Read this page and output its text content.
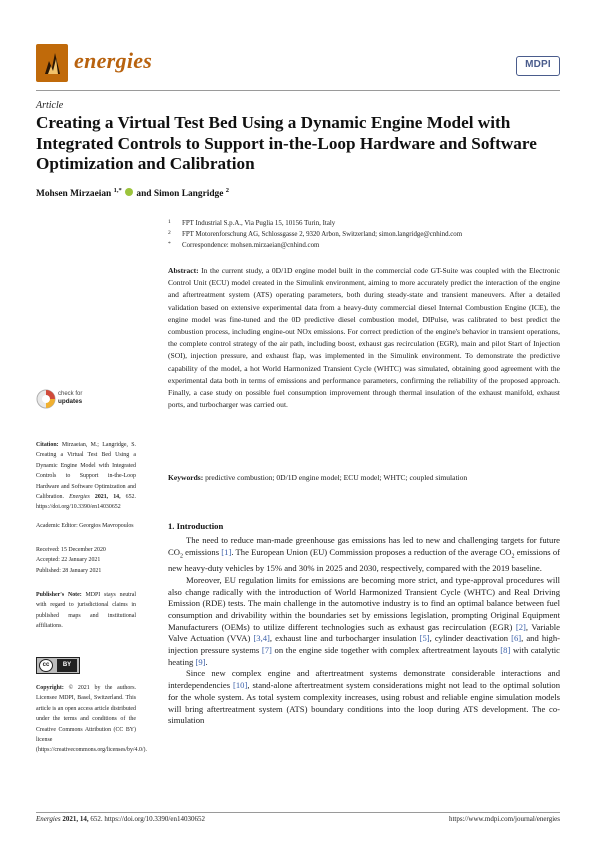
energies	MDPI
Article
Creating a Virtual Test Bed Using a Dynamic Engine Model with Integrated Controls to Support in-the-Loop Hardware and Software Optimization and Calibration
Mohsen Mirzaeian $^{1,*}$ and Simon Langridge $^2$
1 FPT Industrial S.p.A., Via Puglia 15, 10156 Turin, Italy
2 FPT Motorenforschung AG, Schlossgasse 2, 9320 Arbon, Switzerland; simon.langridge@cnhind.com
* Correspondence: mohsen.mirzaeian@cnhind.com
Abstract: In the current study, a 0D/1D engine model built in the commercial code GT-Suite was coupled with the Electronic Control Unit (ECU) model created in the Simulink environment, aiming to more accurately predict the interaction of the engine and aftertreatment system (ATS) operating parameters, both during steady-state and transient maneuvers. After a detailed validation based on extensive experimental data from a heavy-duty commercial diesel Internal Combustion Engine (ICE), the engine model was fine-tuned and the 0D predictive diesel combustion model, DIPulse, was calibrated to best predict the combustion process, including engine-out NOx emissions. For correct prediction of the engine's behavior in transient operations, the complete control strategy of the air path, including boost, exhaust gas recirculation (EGR), main and pilot Start of Injection (SOI), injection pressure, and exhaust flap, was implemented in the Simulink environment. To demonstrate the predictive capability of the model, a hot World Harmonized Transient Cycle (WHTC) was simulated, obtaining good agreement with the experimental data both in terms of emissions and performance parameters, confirming the reliability of the proposed approach. Finally, a case study on possible fuel consumption improvement through thermal insulation of the exhaust manifold, exhaust ports, and turbocharger was carried out.
Keywords: predictive combustion; 0D/1D engine model; ECU model; WHTC; coupled simulation
check for
updates
Citation: Mirzaeian, M.; Langridge, S. Creating a Virtual Test Bed Using a Dynamic Engine Model with Integrated Controls to Support in-the-Loop Hardware and Software Optimization and Calibration. Energies 2021, 14, 652. https://doi.org/10.3390/en14030652
Academic Editor: Georgios Mavropoulos
Received: 15 December 2020
Accepted: 22 January 2021
Published: 28 January 2021
Publisher's Note: MDPI stays neutral with regard to jurisdictional claims in published maps and institutional affiliations.
cc	BY
Copyright: © 2021 by the authors. Licensee MDPI, Basel, Switzerland. This article is an open access article distributed under the terms and conditions of the Creative Commons Attribution (CC BY) license (https://creativecommons.org/licenses/by/4.0/).
1. Introduction

The need to reduce man-made greenhouse gas emissions has led to new and challenging targets for future $CO_2$ emissions [1]. The European Union (EU) Commission proposes a reduction of the average $CO_2$ emissions of new heavy-duty vehicles by 15% and 30% in 2025 and 2030, respectively, compared with the 2019 baseline.

Moreover, EU regulation limits for emissions are becoming more strict, and type-approval procedures will also change radically with the introduction of World Harmonized Transient Cycle (WHTC) and Real Driving Emission (RDE) tests. The main challenge in the automotive industry is to find an optimal balance between fuel consumption and drivability within the boundaries set by emissions legislation, prompting Original Equipment Manufacturers (OEMs) to utilize different technologies such as exhaust gas recirculation (EGR) [2], Variable Valve Actuation (VVA) [3,4], exhaust line and turbocharger insulation [5], cylinder deactivation [6], and high-injection pressure systems [7] on the engine side together with complex aftertreatment layouts [8] with catalytic heating [9].

Since new complex engine and aftertreatment systems demonstrate considerable interactions and interdependencies [10], stand-alone aftertreatment system considerations might not lead to the optimal solution for the whole system. As total system complexity increases, using robust and reliable engine simulation models will bring aftertreatment system (ATS) boundary conditions into the loop during ATS development. The co-simulation

Energies 2021, 14, 652. https://doi.org/10.3390/en14030652	https://www.mdpi.com/journal/energies
